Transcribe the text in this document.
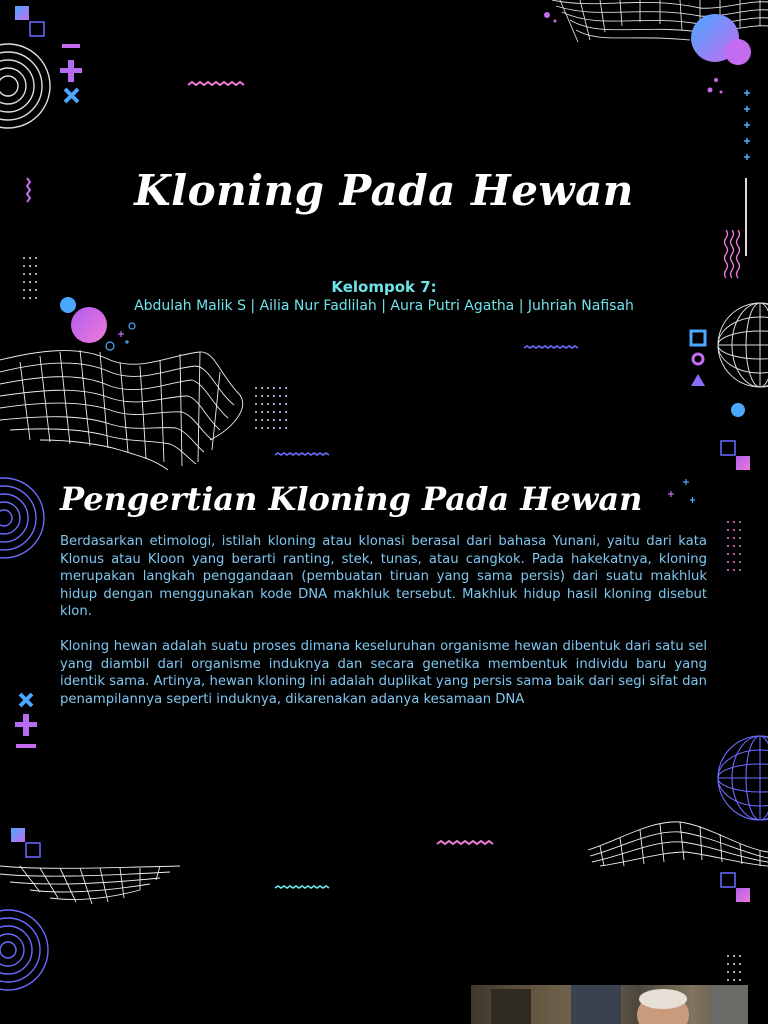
Kloning Pada Hewan
Kelompok 7:
Abdulah Malik S | Ailia Nur Fadlilah | Aura Putri Agatha | Juhriah Nafisah
Pengertian Kloning Pada Hewan

Berdasarkan etimologi, istilah kloning atau klonasi berasal dari bahasa Yunani, yaitu dari kata Klonus atau Kloon yang berarti ranting, stek, tunas, atau cangkok. Pada hakekatnya, kloning merupakan langkah penggandaan (pembuatan tiruan yang sama persis) dari suatu makhluk hidup dengan menggunakan kode DNA makhluk tersebut. Makhluk hidup hasil kloning disebut klon.

Kloning hewan adalah suatu proses dimana keseluruhan organisme hewan dibentuk dari satu sel yang diambil dari organisme induknya dan secara genetika membentuk individu baru yang identik sama. Artinya, hewan kloning ini adalah duplikat yang persis sama baik dari segi sifat dan penampilannya seperti induknya, dikarenakan adanya kesamaan DNA
